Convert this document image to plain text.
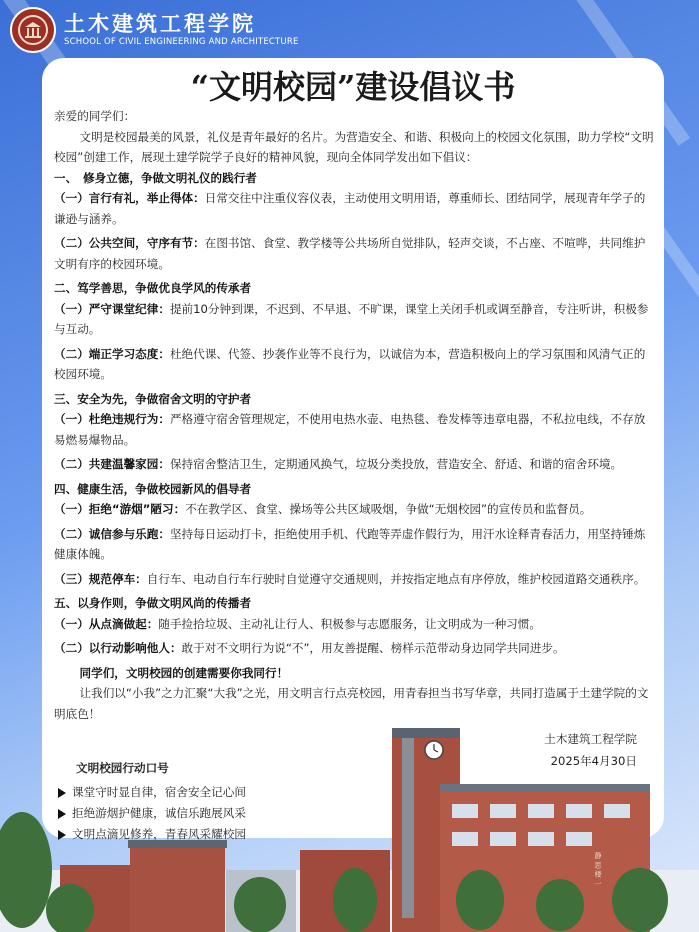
土木建筑工程学院
SCHOOL OF CIVIL ENGINEERING AND ARCHITECTURE
“文明校园”建设倡议书

亲爱的同学们：

文明是校园最美的风景，礼仪是青年最好的名片。为营造安全、和谐、积极向上的校园文化氛围，助力学校“文明校园”创建工作，展现土建学院学子良好的精神风貌，现向全体同学发出如下倡议：

一、　修身立德，争做文明礼仪的践行者

（一）言行有礼，举止得体：日常交往中注重仪容仪表，主动使用文明用语，尊重师长、团结同学，展现青年学子的谦逊与涵养。

（二）公共空间，守序有节：在图书馆、食堂、教学楼等公共场所自觉排队，轻声交谈，不占座、不喧哗，共同维护文明有序的校园环境。

二、笃学善思，争做优良学风的传承者

（一）严守课堂纪律：提前10分钟到课，不迟到、不早退、不旷课，课堂上关闭手机或调至静音，专注听讲，积极参与互动。

（二）端正学习态度：杜绝代课、代签、抄袭作业等不良行为，以诚信为本，营造积极向上的学习氛围和风清气正的校园环境。

三、安全为先，争做宿舍文明的守护者

（一）杜绝违规行为：严格遵守宿舍管理规定，不使用电热水壶、电热毯、卷发棒等违章电器，不私拉电线，不存放易燃易爆物品。

（二）共建温馨家园：保持宿舍整洁卫生，定期通风换气，垃圾分类投放，营造安全、舒适、和谐的宿舍环境。

四、健康生活，争做校园新风的倡导者

（一）拒绝“游烟”陋习：不在教学区、食堂、操场等公共区域吸烟，争做“无烟校园”的宣传员和监督员。

（二）诚信参与乐跑：坚持每日运动打卡，拒绝使用手机、代跑等弄虚作假行为，用汗水诠释青春活力，用坚持锤炼健康体魄。

（三）规范停车：自行车、电动自行车行驶时自觉遵守交通规则，并按指定地点有序停放，维护校园道路交通秩序。

五、以身作则，争做文明风尚的传播者

（一）从点滴做起：随手捡拾垃圾、主动礼让行人、积极参与志愿服务，让文明成为一种习惯。

（二）以行动影响他人：敢于对不文明行为说“不”，用友善提醒、榜样示范带动身边同学共同进步。

同学们，文明校园的创建需要你我同行！

让我们以“小我”之力汇聚“大我”之光，用文明言行点亮校园，用青春担当书写华章，共同打造属于土建学院的文明底色！

静 思 楼 一
土木建筑工程学院
2025年4月30日
文明校园行动口号
课堂守时显自律，宿舍安全记心间
拒绝游烟护健康，诚信乐跑展风采
文明点滴见修养，青春风采耀校园
